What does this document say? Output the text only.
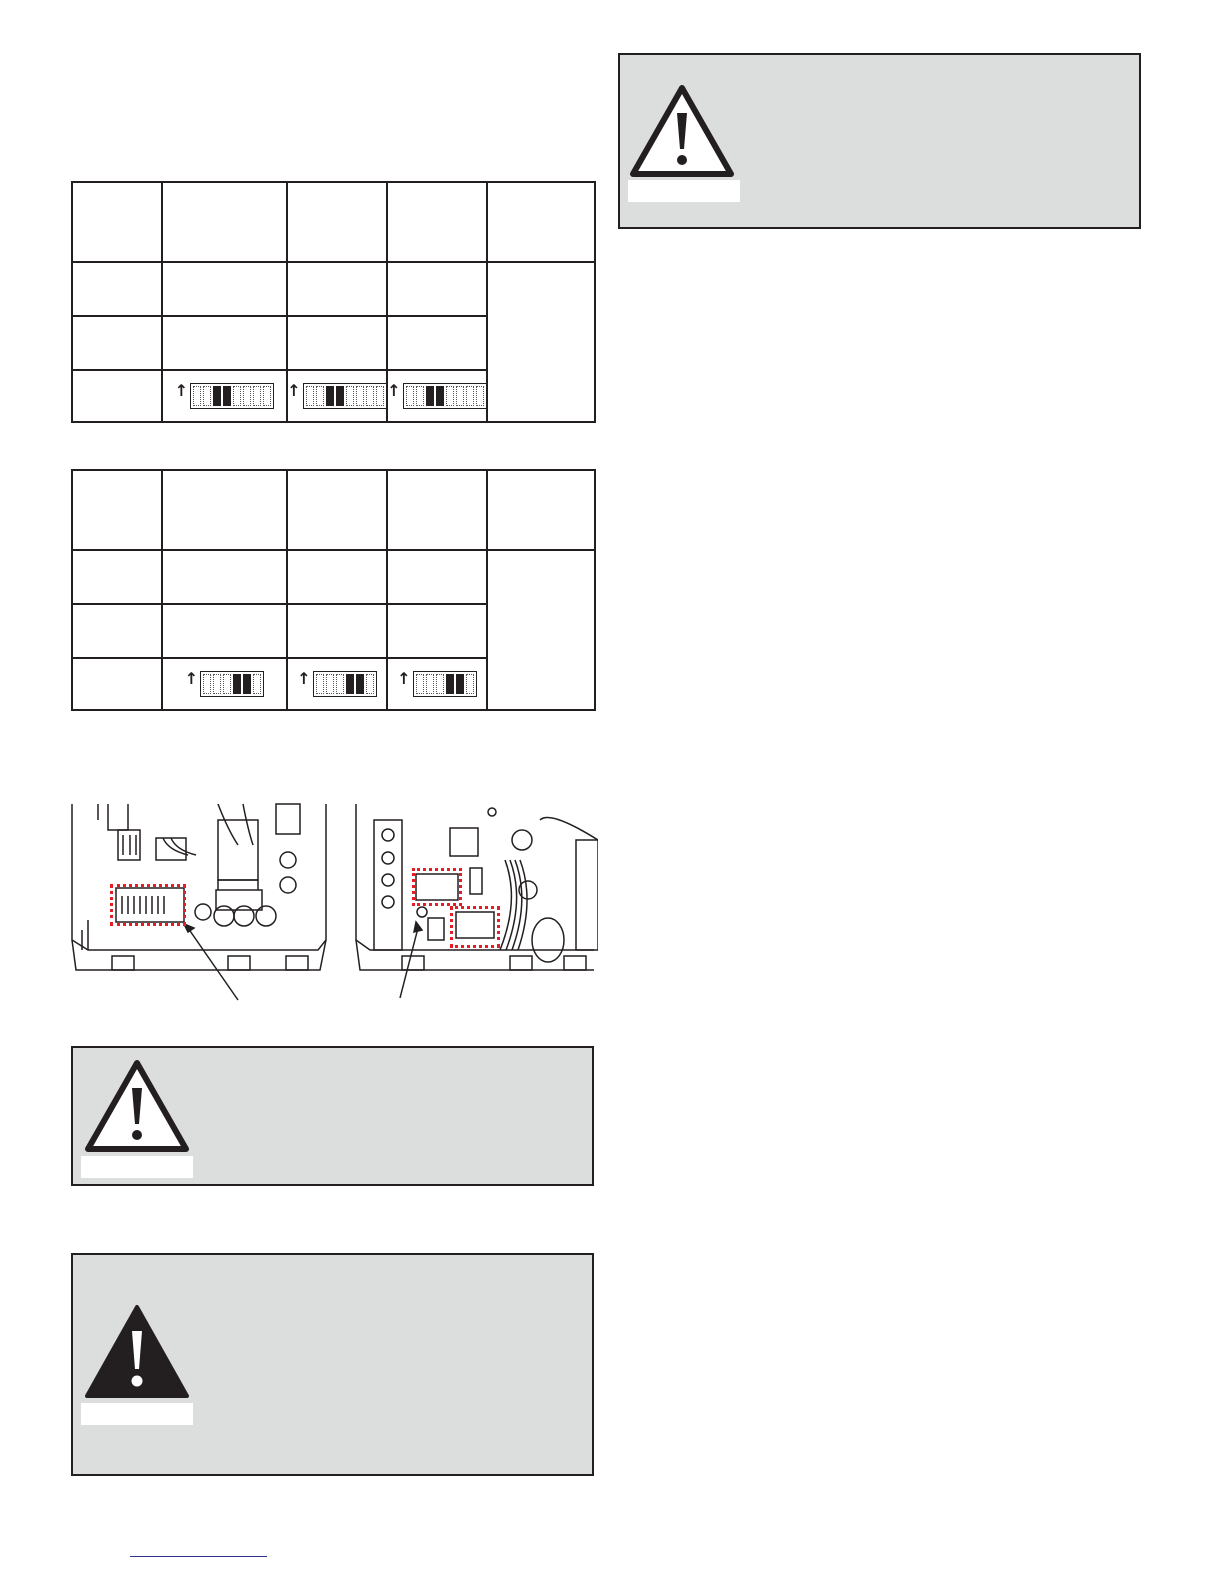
	↑	↑	↑	

	↑	↑	↑	
